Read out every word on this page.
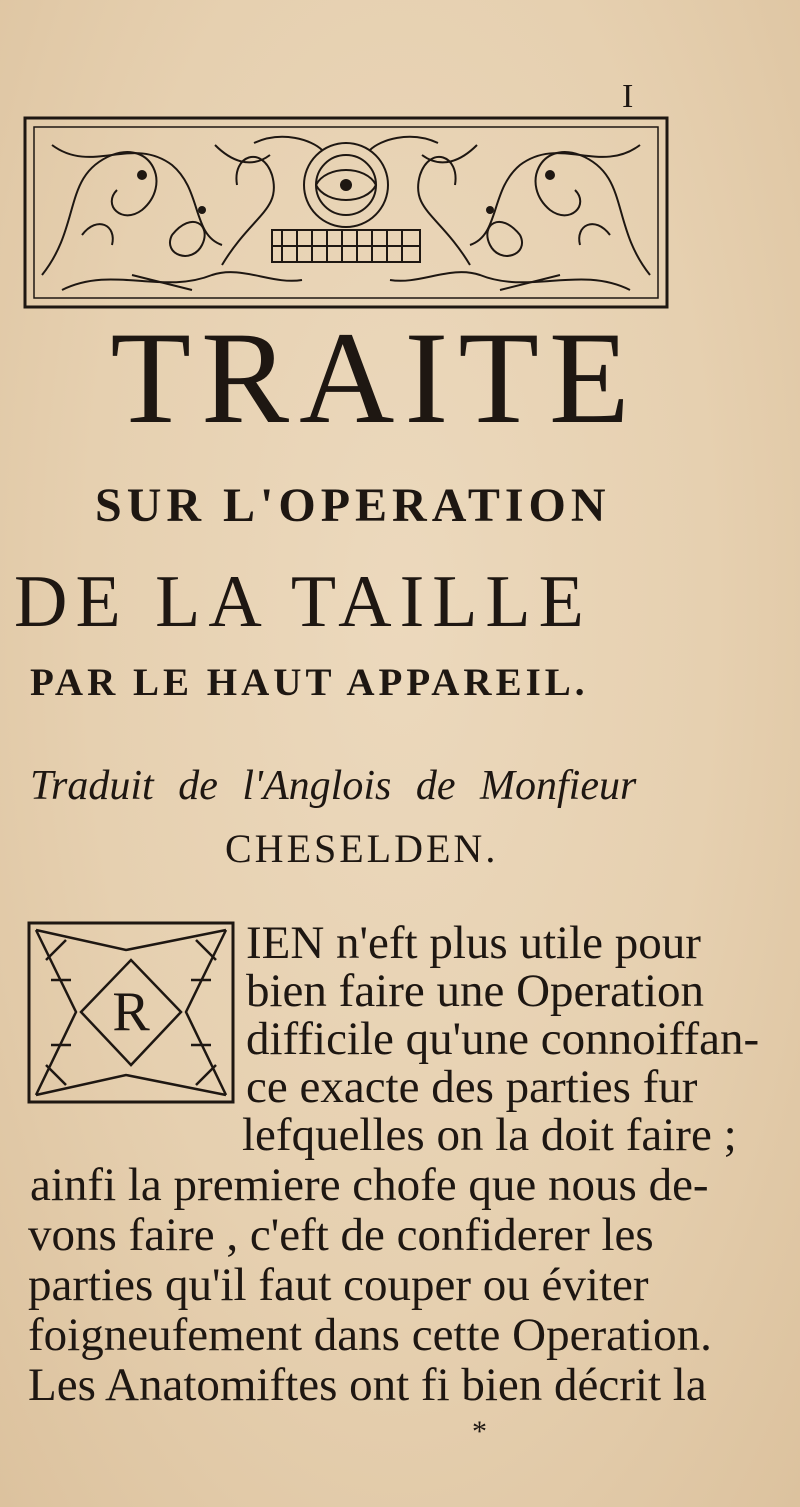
I
TRAITE
SUR L'OPERATION
DE LA TAILLE
PAR LE HAUT APPAREIL.
Traduit de l'Anglois de Monfieur
CHESELDEN.
R
IEN n'eft plus utile pour
bien faire une Operation
difficile qu'une connoiffan-
ce exacte des parties fur
lefquelles on la doit faire ;
ainfi la premiere chofe que nous de-
vons faire , c'eft de confiderer les
parties qu'il faut couper ou éviter
foigneufement dans cette Operation.
Les Anatomiftes ont fi bien décrit la
*
